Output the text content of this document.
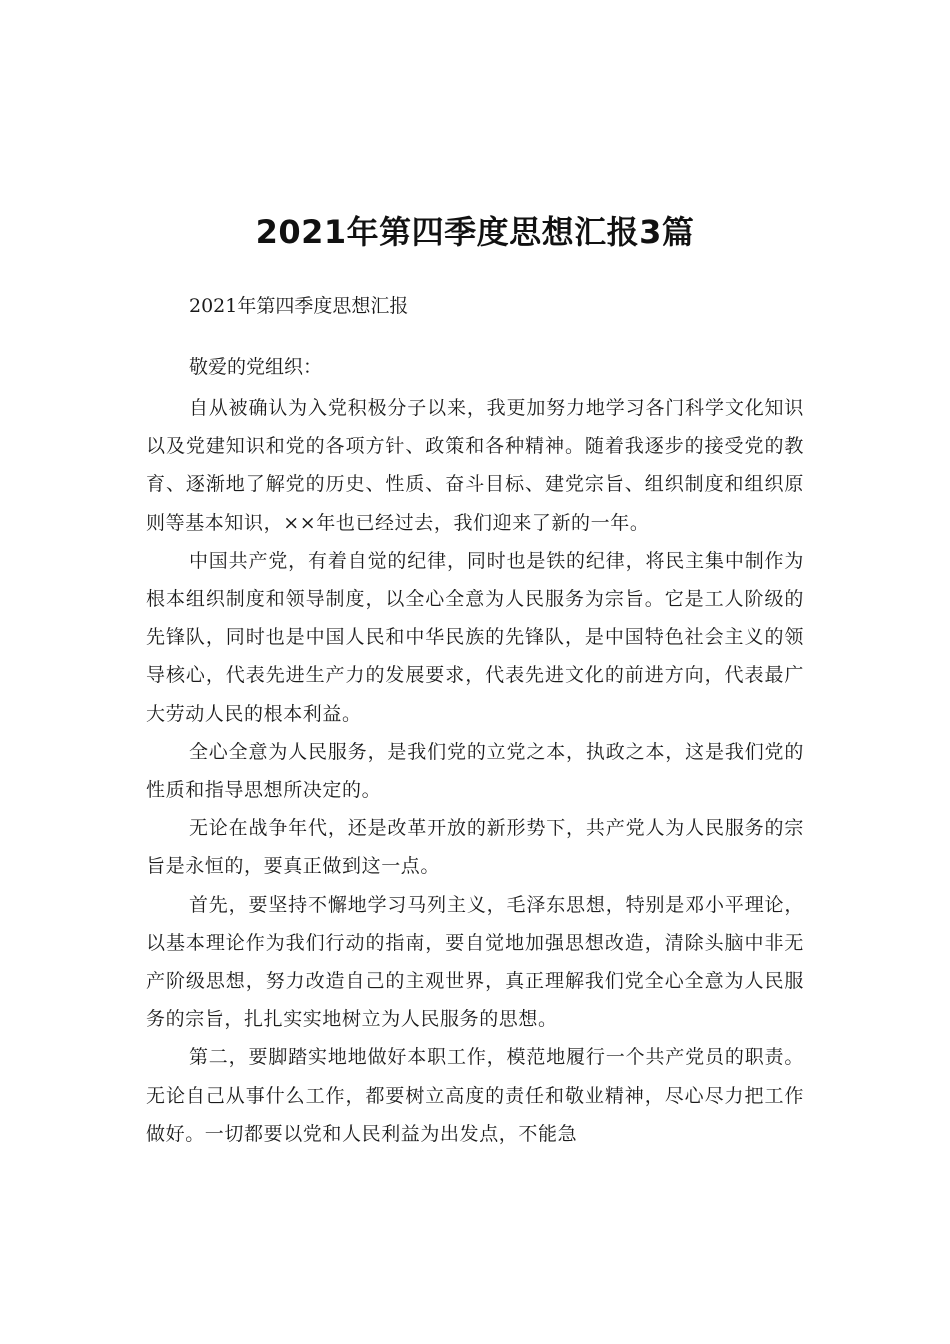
2021年第四季度思想汇报3篇
2021年第四季度思想汇报
敬爱的党组织：

自从被确认为入党积极分子以来，我更加努力地学习各门科学文化知识以及党建知识和党的各项方针、政策和各种精神。随着我逐步的接受党的教育、逐渐地了解党的历史、性质、奋斗目标、建党宗旨、组织制度和组织原则等基本知识，××年也已经过去，我们迎来了新的一年。

中国共产党，有着自觉的纪律，同时也是铁的纪律，将民主集中制作为根本组织制度和领导制度，以全心全意为人民服务为宗旨。它是工人阶级的先锋队，同时也是中国人民和中华民族的先锋队，是中国特色社会主义的领导核心，代表先进生产力的发展要求，代表先进文化的前进方向，代表最广大劳动人民的根本利益。

全心全意为人民服务，是我们党的立党之本，执政之本，这是我们党的性质和指导思想所决定的。

无论在战争年代，还是改革开放的新形势下，共产党人为人民服务的宗旨是永恒的，要真正做到这一点。

首先，要坚持不懈地学习马列主义，毛泽东思想，特别是邓小平理论，以基本理论作为我们行动的指南，要自觉地加强思想改造，清除头脑中非无产阶级思想，努力改造自己的主观世界，真正理解我们党全心全意为人民服务的宗旨，扎扎实实地树立为人民服务的思想。

第二，要脚踏实地地做好本职工作，模范地履行一个共产党员的职责。无论自己从事什么工作，都要树立高度的责任和敬业精神，尽心尽力把工作做好。一切都要以党和人民利益为出发点，不能急
